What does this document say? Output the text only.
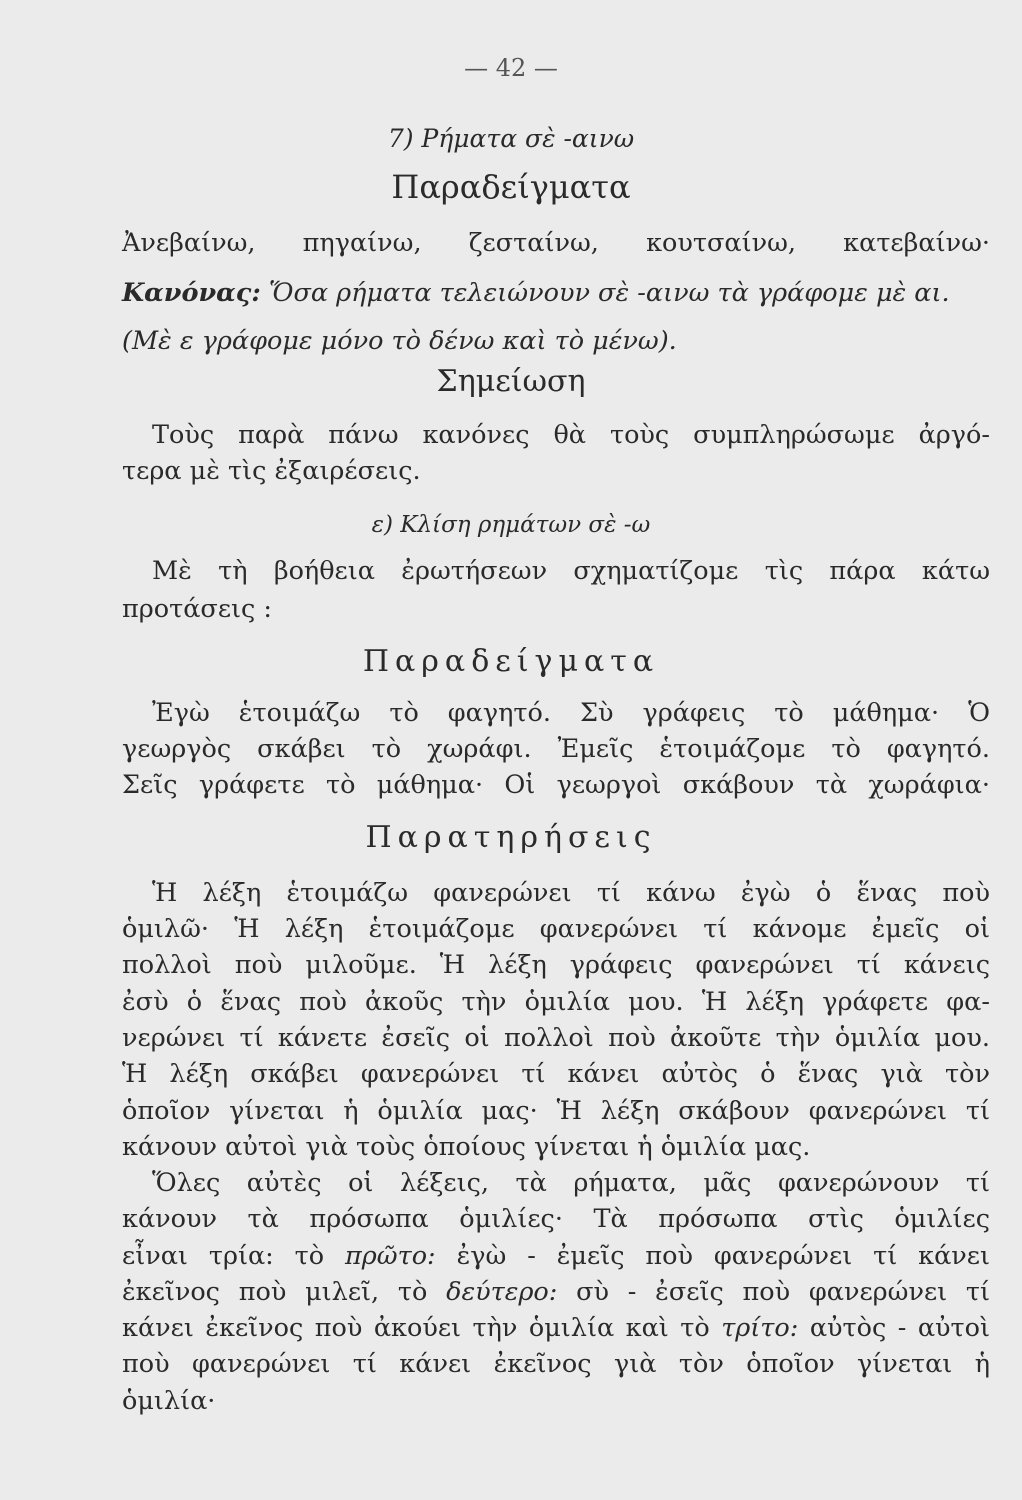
— 42 —
7) Ρήματα σὲ -αινω
Παραδείγματα
Ἀνεβαίνω, πηγαίνω, ζεσταίνω, κουτσαίνω, κατεβαίνω·
Κανόνας: Ὅσα ρήματα τελειώνουν σὲ -αινω τὰ γράφομε μὲ αι.
(Μὲ ε γράφομε μόνο τὸ δένω καὶ τὸ μένω).
Σημείωση
Τοὺς παρὰ πάνω κανόνες θὰ τοὺς συμπληρώσωμε ἀργό-
τερα μὲ τὶς ἐξαιρέσεις.
ε) Κλίση ρημάτων σὲ -ω
Μὲ τὴ βοήθεια ἐρωτήσεων σχηματίζομε τὶς πάρα κάτω
προτάσεις :
Παραδείγματα
Ἐγὼ ἑτοιμάζω τὸ φαγητό. Σὺ γράφεις τὸ μάθημα· Ὁ
γεωργὸς σκάβει τὸ χωράφι. Ἐμεῖς ἑτοιμάζομε τὸ φαγητό.
Σεῖς γράφετε τὸ μάθημα· Οἱ γεωργοὶ σκάβουν τὰ χωράφια·
Παρατηρήσεις
Ἡ λέξη ἑτοιμάζω φανερώνει τί κάνω ἐγὼ ὁ ἕνας ποὺ
ὁμιλῶ· Ἡ λέξη ἑτοιμάζομε φανερώνει τί κάνομε ἐμεῖς οἱ
πολλοὶ ποὺ μιλοῦμε. Ἡ λέξη γράφεις φανερώνει τί κάνεις
ἐσὺ ὁ ἕνας ποὺ ἀκοῦς τὴν ὁμιλία μου. Ἡ λέξη γράφετε φα-
νερώνει τί κάνετε ἐσεῖς οἱ πολλοὶ ποὺ ἀκοῦτε τὴν ὁμιλία μου.
Ἡ λέξη σκάβει φανερώνει τί κάνει αὐτὸς ὁ ἕνας γιὰ τὸν
ὁποῖον γίνεται ἡ ὁμιλία μας· Ἡ λέξη σκάβουν φανερώνει τί
κάνουν αὐτοὶ γιὰ τοὺς ὁποίους γίνεται ἡ ὁμιλία μας.
Ὅλες αὐτὲς οἱ λέξεις, τὰ ρήματα, μᾶς φανερώνουν τί
κάνουν τὰ πρόσωπα ὁμιλίες· Τὰ πρόσωπα στὶς ὁμιλίες
εἶναι τρία: τὸ πρῶτο: ἐγὼ - ἐμεῖς ποὺ φανερώνει τί κάνει
ἐκεῖνος ποὺ μιλεῖ, τὸ δεύτερο: σὺ - ἐσεῖς ποὺ φανερώνει τί
κάνει ἐκεῖνος ποὺ ἀκούει τὴν ὁμιλία καὶ τὸ τρίτο: αὐτὸς - αὐτοὶ
ποὺ φανερώνει τί κάνει ἐκεῖνος γιὰ τὸν ὁποῖον γίνεται ἡ
ὁμιλία·
